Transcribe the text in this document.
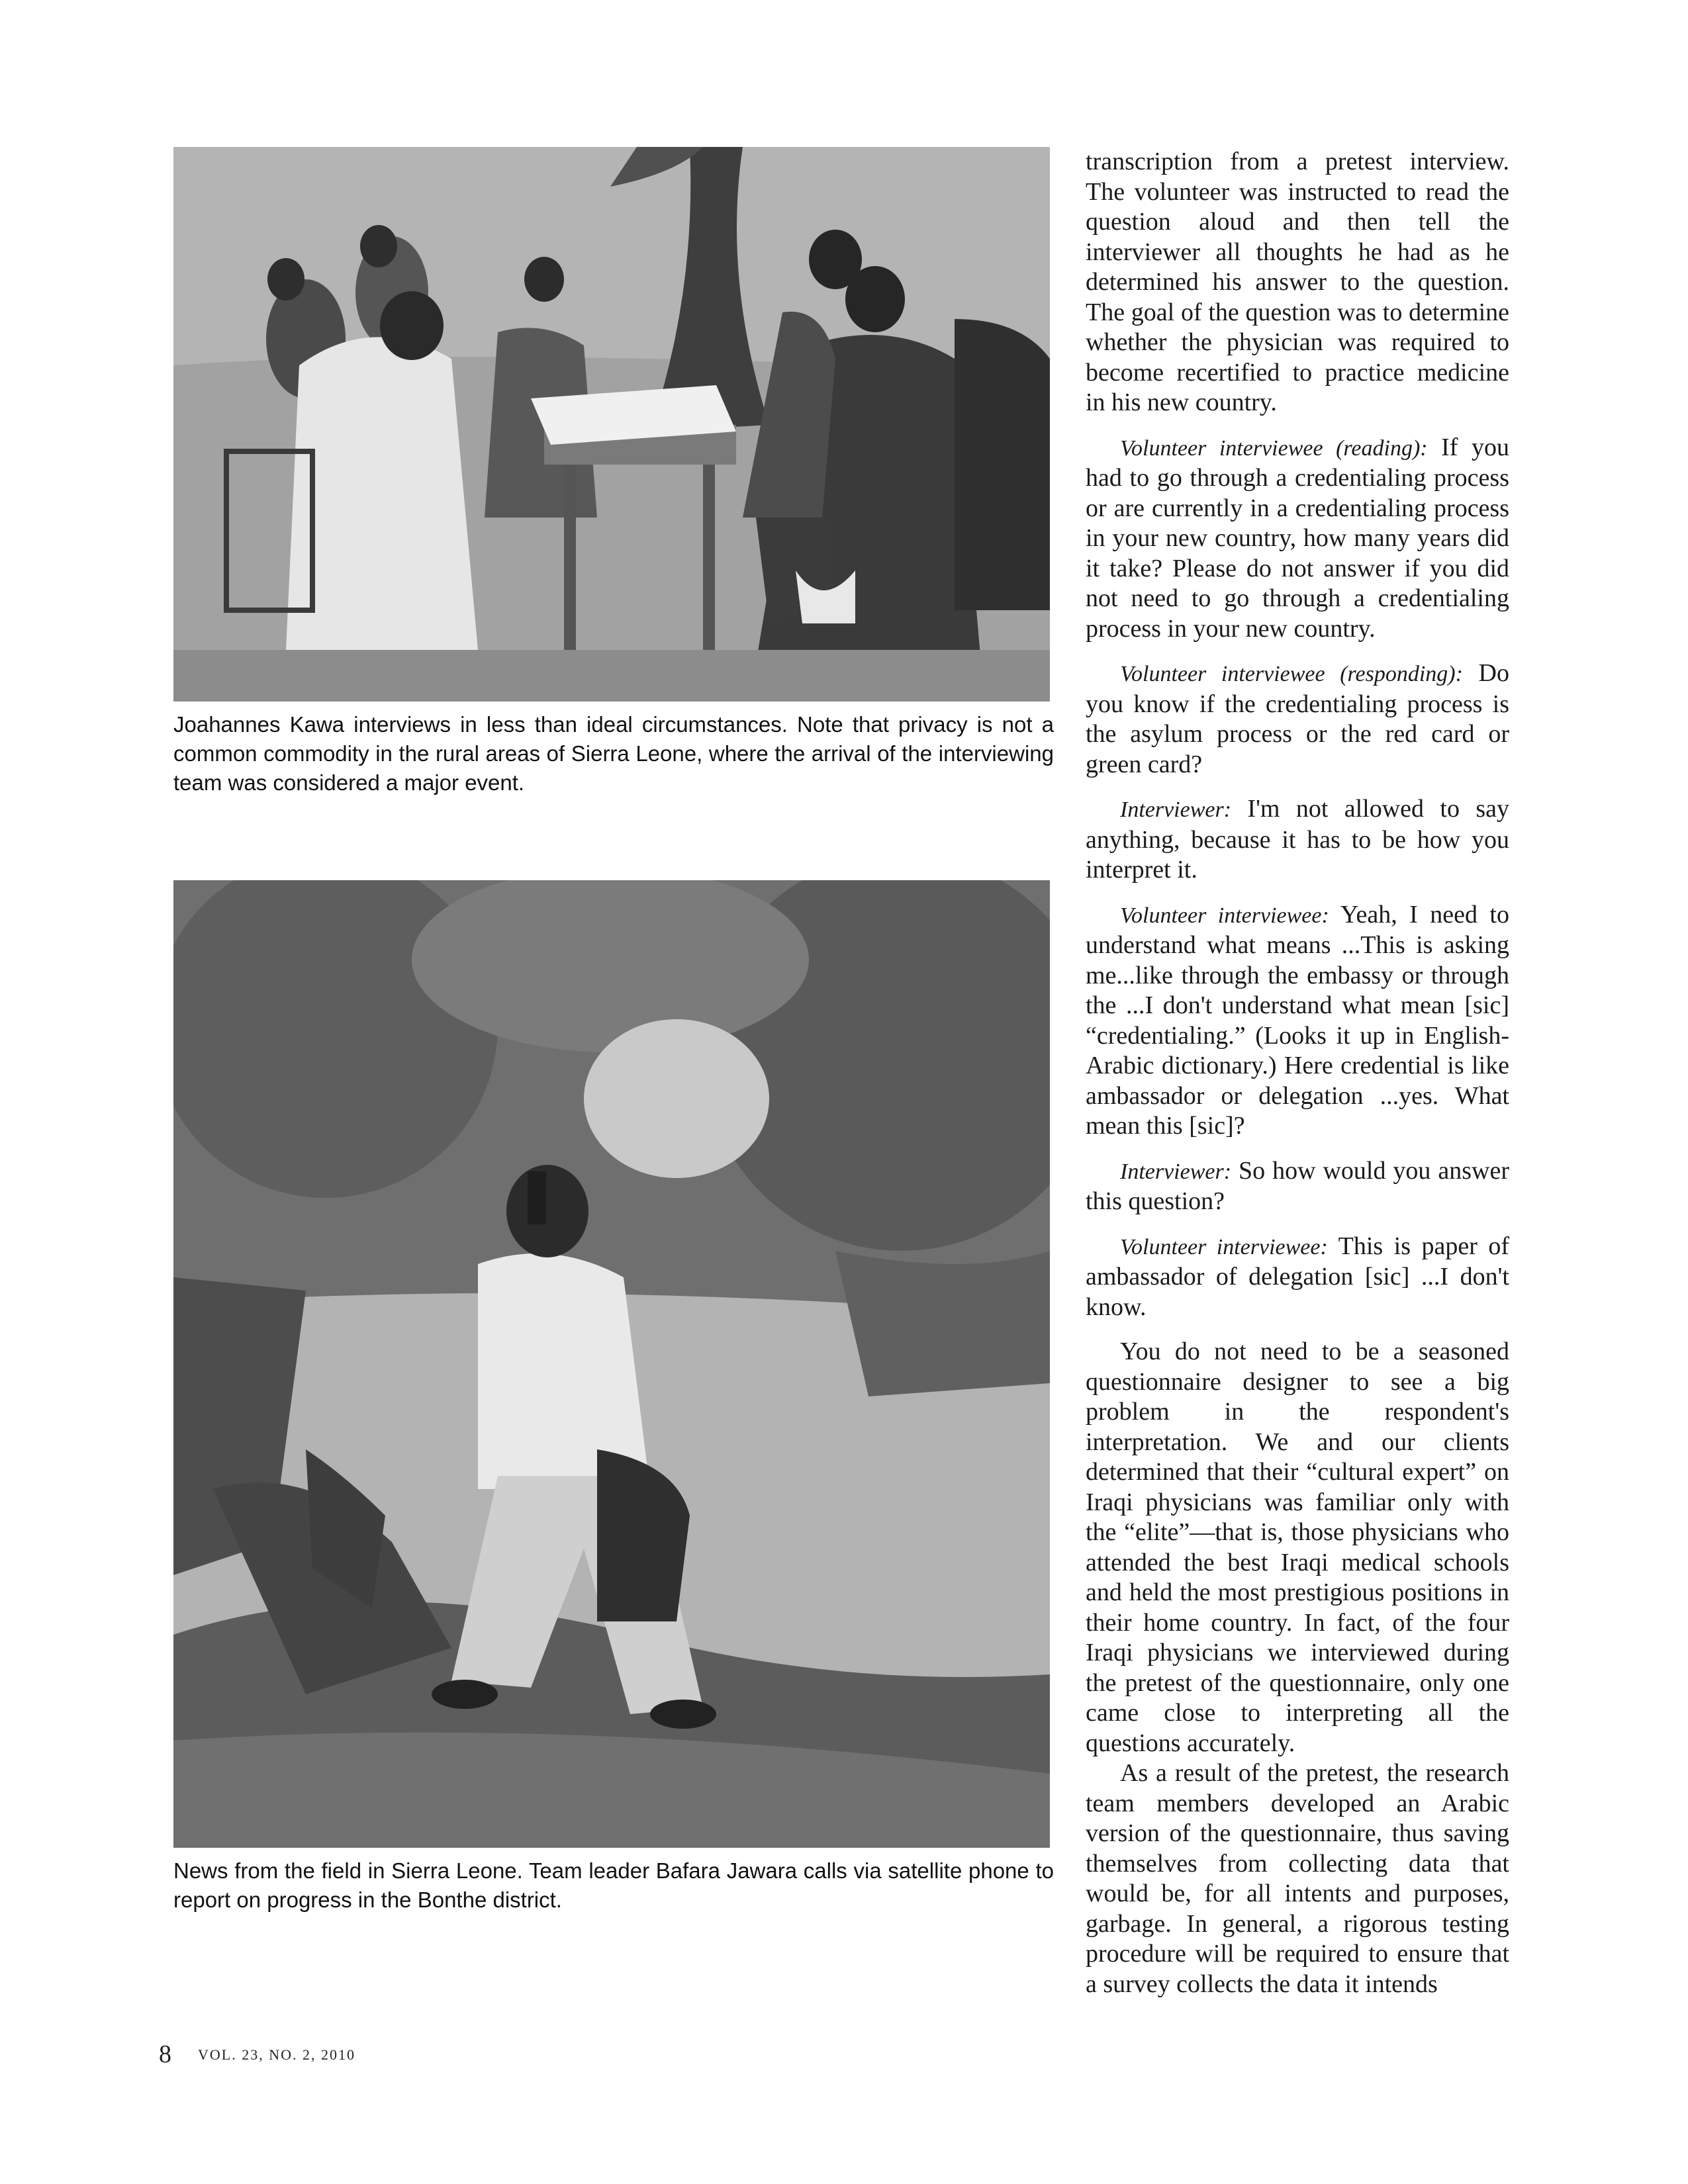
Joahannes Kawa interviews in less than ideal circumstances. Note that privacy is not a common commodity in the rural areas of Sierra Leone, where the arrival of the interviewing team was considered a major event.
News from the field in Sierra Leone. Team leader Bafara Jawara calls via satellite phone to report on progress in the Bonthe district.

transcription from a pretest interview. The volunteer was instructed to read the question aloud and then tell the interviewer all thoughts he had as he determined his answer to the question. The goal of the question was to determine whether the physician was required to become recertified to practice medicine in his new country.

Volunteer interviewee (reading): If you had to go through a credentialing process or are currently in a credentialing process in your new country, how many years did it take? Please do not answer if you did not need to go through a credentialing process in your new country.

Volunteer interviewee (responding): Do you know if the credentialing process is the asylum process or the red card or green card?

Interviewer: I'm not allowed to say anything, because it has to be how you interpret it.

Volunteer interviewee: Yeah, I need to understand what means ...This is asking me...like through the embassy or through the ...I don't understand what mean [sic] “credentialing.” (Looks it up in English-Arabic dictionary.) Here credential is like ambassador or delegation ...yes. What mean this [sic]?

Interviewer: So how would you answer this question?

Volunteer interviewee: This is paper of ambassador of delegation [sic] ...I don't know.

You do not need to be a seasoned questionnaire designer to see a big problem in the respondent's interpretation. We and our clients determined that their “cultural expert” on Iraqi physicians was familiar only with the “elite”—that is, those physicians who attended the best Iraqi medical schools and held the most prestigious positions in their home country. In fact, of the four Iraqi physicians we interviewed during the pretest of the questionnaire, only one came close to interpreting all the questions accurately.

As a result of the pretest, the research team members developed an Arabic version of the questionnaire, thus saving themselves from collecting data that would be, for all intents and purposes, garbage. In general, a rigorous testing procedure will be required to ensure that a survey collects the data it intends

8 VOL. 23, NO. 2, 2010
